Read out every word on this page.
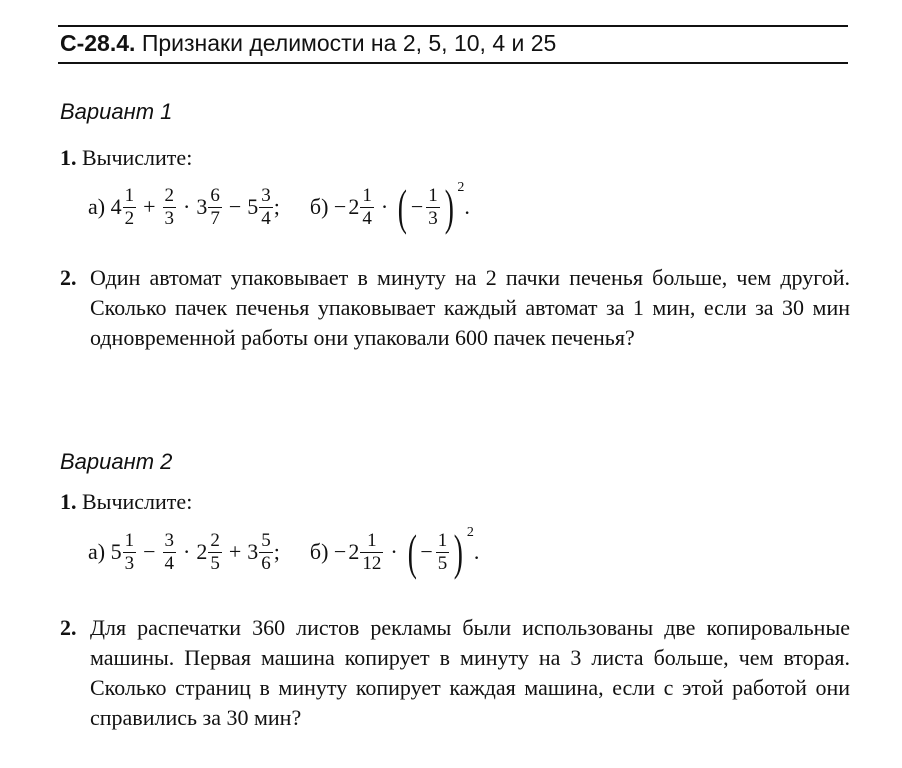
С-28.4. Признаки делимости на 2, 5, 10, 4 и 25
Вариант 1
1. Вычислите:
а)
$4 \frac{1}{2} + \frac{2}{3} \cdot 3 \frac{6}{7} - 5 \frac{3}{4}$ ; б)
− $2 \frac{1}{4}$ · ( − $\frac{1}{3}$ ) 2
.
2. Один автомат упаковывает в минуту на 2 пачки печенья больше, чем другой. Сколько пачек печенья упаковывает каждый автомат за 1 мин, если за 30 мин одновременной работы они упаковали 600 пачек печенья?
Вариант 2
1. Вычислите:
а)
$5 \frac{1}{3} - \frac{3}{4} \cdot 2 \frac{2}{5} + 3 \frac{5}{6}$ ; б)
− $2 \frac{1}{12}$ · ( − $\frac{1}{5}$ ) 2
.
2. Для распечатки 360 листов рекламы были использованы две копировальные машины. Первая машина копирует в минуту на 3 листа больше, чем вторая. Сколько страниц в минуту копирует каждая машина, если с этой работой они справились за 30 мин?
